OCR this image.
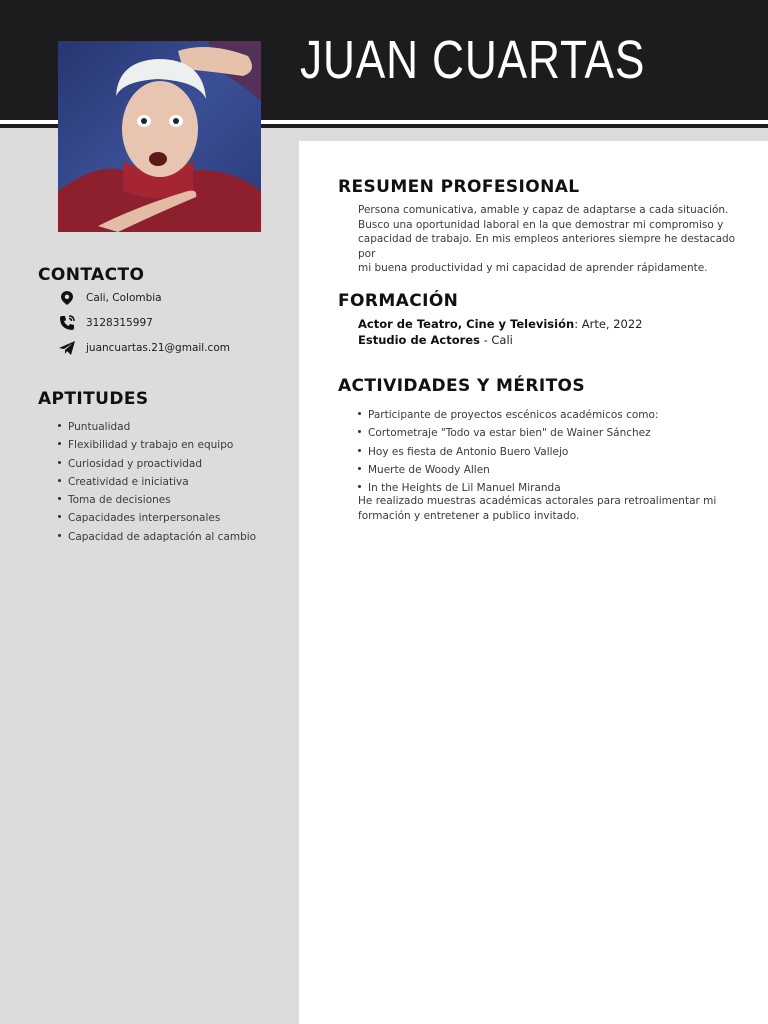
JUAN CUARTAS
CONTACTO
Cali, Colombia
3128315997
juancuartas.21@gmail.com
APTITUDES
Puntualidad
Flexibilidad y trabajo en equipo
Curiosidad y proactividad
Creatividad e iniciativa
Toma de decisiones
Capacidades interpersonales
Capacidad de adaptación al cambio
RESUMEN PROFESIONAL
Persona comunicativa, amable y capaz de adaptarse a cada situación.
Busco una oportunidad laboral en la que demostrar mi compromiso y
capacidad de trabajo. En mis empleos anteriores siempre he destacado por
mi buena productividad y mi capacidad de aprender rápidamente.
FORMACIÓN
Actor de Teatro, Cine y Televisión: Arte, 2022
Estudio de Actores - Cali
ACTIVIDADES Y MÉRITOS
Participante de proyectos escénicos académicos como:
Cortometraje "Todo va estar bien" de Wainer Sánchez
Hoy es fiesta de Antonio Buero Vallejo
Muerte de Woody Allen
In the Heights de Lil Manuel Miranda
He realizado muestras académicas actorales para retroalimentar mi
formación y entretener a publico invitado.
